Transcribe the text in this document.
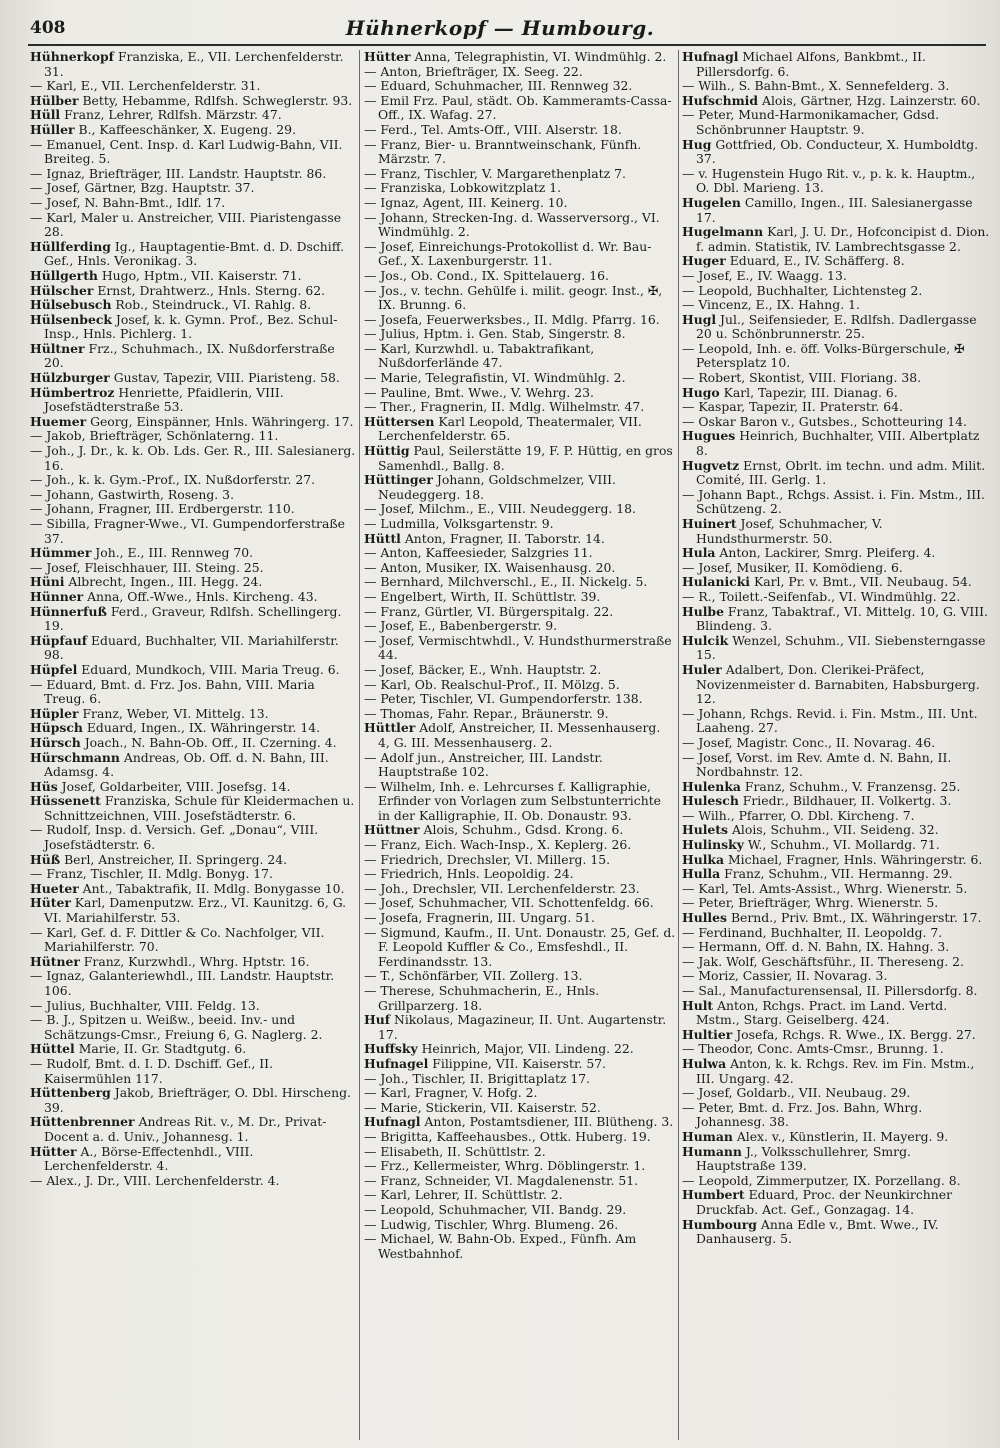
408	Hühnerkopf — Humbourg.

Hühnerkopf Franziska, E., VII. Lerchenfelderstr. 31.

— Karl, E., VII. Lerchenfelderstr. 31.

Hülber Betty, Hebamme, Rdlfsh. Schweglerstr. 93.

Hüll Franz, Lehrer, Rdlfsh. Märzstr. 47.

Hüller B., Kaffeeschänker, X. Eugeng. 29.

— Emanuel, Cent. Insp. d. Karl Ludwig-Bahn, VII. Breiteg. 5.

— Ignaz, Briefträger, III. Landstr. Hauptstr. 86.

— Josef, Gärtner, Bzg. Hauptstr. 37.

— Josef, N. Bahn-Bmt., Idlf. 17.

— Karl, Maler u. Anstreicher, VIII. Piaristengasse 28.

Hüllferding Ig., Hauptagentie-Bmt. d. D. Dschiff. Gef., Hnls. Veronikag. 3.

Hüllgerth Hugo, Hptm., VII. Kaiserstr. 71.

Hülscher Ernst, Drahtwerz., Hnls. Sterng. 62.

Hülsebusch Rob., Steindruck., VI. Rahlg. 8.

Hülsenbeck Josef, k. k. Gymn. Prof., Bez. Schul-Insp., Hnls. Pichlerg. 1.

Hültner Frz., Schuhmach., IX. Nußdorferstraße 20.

Hülzburger Gustav, Tapezir, VIII. Piaristeng. 58.

Hümbertroz Henriette, Pfaidlerin, VIII. Josefstädterstraße 53.

Huemer Georg, Einspänner, Hnls. Währingerg. 17.

— Jakob, Briefträger, Schönlaterng. 11.

— Joh., J. Dr., k. k. Ob. Lds. Ger. R., III. Salesianerg. 16.

— Joh., k. k. Gym.-Prof., IX. Nußdorferstr. 27.

— Johann, Gastwirth, Roseng. 3.

— Johann, Fragner, III. Erdbergerstr. 110.

— Sibilla, Fragner-Wwe., VI. Gumpendorferstraße 37.

Hümmer Joh., E., III. Rennweg 70.

— Josef, Fleischhauer, III. Steing. 25.

Hüni Albrecht, Ingen., III. Hegg. 24.

Hünner Anna, Off.-Wwe., Hnls. Kircheng. 43.

Hünnerfuß Ferd., Graveur, Rdlfsh. Schellingerg. 19.

Hüpfauf Eduard, Buchhalter, VII. Mariahilferstr. 98.

Hüpfel Eduard, Mundkoch, VIII. Maria Treug. 6.

— Eduard, Bmt. d. Frz. Jos. Bahn, VIII. Maria Treug. 6.

Hüpler Franz, Weber, VI. Mittelg. 13.

Hüpsch Eduard, Ingen., IX. Währingerstr. 14.

Hürsch Joach., N. Bahn-Ob. Off., II. Czerning. 4.

Hürschmann Andreas, Ob. Off. d. N. Bahn, III. Adamsg. 4.

Hüs Josef, Goldarbeiter, VIII. Josefsg. 14.

Hüssenett Franziska, Schule für Kleidermachen u. Schnittzeichnen, VIII. Josefstädterstr. 6.

— Rudolf, Insp. d. Versich. Gef. „Donau“, VIII. Josefstädterstr. 6.

Hüß Berl, Anstreicher, II. Springerg. 24.

— Franz, Tischler, II. Mdlg. Bonyg. 17.

Hueter Ant., Tabaktrafik, II. Mdlg. Bonygasse 10.

Hüter Karl, Damenputzw. Erz., VI. Kaunitzg. 6, G. VI. Mariahilferstr. 53.

— Karl, Gef. d. F. Dittler & Co. Nachfolger, VII. Mariahilferstr. 70.

Hütner Franz, Kurzwhdl., Whrg. Hptstr. 16.

— Ignaz, Galanteriewhdl., III. Landstr. Hauptstr. 106.

— Julius, Buchhalter, VIII. Feldg. 13.

— B. J., Spitzen u. Weißw., beeid. Inv.- und Schätzungs-Cmsr., Freiung 6, G. Naglerg. 2.

Hüttel Marie, II. Gr. Stadtgutg. 6.

— Rudolf, Bmt. d. I. D. Dschiff. Gef., II. Kaisermühlen 117.

Hüttenberg Jakob, Briefträger, O. Dbl. Hirscheng. 39.

Hüttenbrenner Andreas Rit. v., M. Dr., Privat-Docent a. d. Univ., Johannesg. 1.

Hütter A., Börse-Effectenhdl., VIII. Lerchenfelderstr. 4.

— Alex., J. Dr., VIII. Lerchenfelderstr. 4.

Hütter Anna, Telegraphistin, VI. Windmühlg. 2.

— Anton, Briefträger, IX. Seeg. 22.

— Eduard, Schuhmacher, III. Rennweg 32.

— Emil Frz. Paul, städt. Ob. Kammeramts-Cassa-Off., IX. Wafag. 27.

— Ferd., Tel. Amts-Off., VIII. Alserstr. 18.

— Franz, Bier- u. Branntweinschank, Fünfh. Märzstr. 7.

— Franz, Tischler, V. Margarethenplatz 7.

— Franziska, Lobkowitzplatz 1.

— Ignaz, Agent, III. Keinerg. 10.

— Johann, Strecken-Ing. d. Wasserversorg., VI. Windmühlg. 2.

— Josef, Einreichungs-Protokollist d. Wr. Bau-Gef., X. Laxenburgerstr. 11.

— Jos., Ob. Cond., IX. Spittelauerg. 16.

— Jos., v. techn. Gehülfe i. milit. geogr. Inst., ✠, IX. Brunng. 6.

— Josefa, Feuerwerksbes., II. Mdlg. Pfarrg. 16.

— Julius, Hptm. i. Gen. Stab, Singerstr. 8.

— Karl, Kurzwhdl. u. Tabaktrafikant, Nußdorferlände 47.

— Marie, Telegrafistin, VI. Windmühlg. 2.

— Pauline, Bmt. Wwe., V. Wehrg. 23.

— Ther., Fragnerin, II. Mdlg. Wilhelmstr. 47.

Hüttersen Karl Leopold, Theatermaler, VII. Lerchenfelderstr. 65.

Hüttig Paul, Seilerstätte 19, F. P. Hüttig, en gros Samenhdl., Ballg. 8.

Hüttinger Johann, Goldschmelzer, VIII. Neudeggerg. 18.

— Josef, Milchm., E., VIII. Neudeggerg. 18.

— Ludmilla, Volksgartenstr. 9.

Hüttl Anton, Fragner, II. Taborstr. 14.

— Anton, Kaffeesieder, Salzgries 11.

— Anton, Musiker, IX. Waisenhausg. 20.

— Bernhard, Milchverschl., E., II. Nickelg. 5.

— Engelbert, Wirth, II. Schüttlstr. 39.

— Franz, Gürtler, VI. Bürgerspitalg. 22.

— Josef, E., Babenbergerstr. 9.

— Josef, Vermischtwhdl., V. Hundsthurmerstraße 44.

— Josef, Bäcker, E., Wnh. Hauptstr. 2.

— Karl, Ob. Realschul-Prof., II. Mölzg. 5.

— Peter, Tischler, VI. Gumpendorferstr. 138.

— Thomas, Fahr. Repar., Bräunerstr. 9.

Hüttler Adolf, Anstreicher, II. Messenhauserg. 4, G. III. Messenhauserg. 2.

— Adolf jun., Anstreicher, III. Landstr. Hauptstraße 102.

— Wilhelm, Inh. e. Lehrcurses f. Kalligraphie, Erfinder von Vorlagen zum Selbstunterrichte in der Kalligraphie, II. Ob. Donaustr. 93.

Hüttner Alois, Schuhm., Gdsd. Krong. 6.

— Franz, Eich. Wach-Insp., X. Keplerg. 26.

— Friedrich, Drechsler, VI. Millerg. 15.

— Friedrich, Hnls. Leopoldig. 24.

— Joh., Drechsler, VII. Lerchenfelderstr. 23.

— Josef, Schuhmacher, VII. Schottenfeldg. 66.

— Josefa, Fragnerin, III. Ungarg. 51.

— Sigmund, Kaufm., II. Unt. Donaustr. 25, Gef. d. F. Leopold Kuffler & Co., Emsfeshdl., II. Ferdinandsstr. 13.

— T., Schönfärber, VII. Zollerg. 13.

— Therese, Schuhmacherin, E., Hnls. Grillparzerg. 18.

Huf Nikolaus, Magazineur, II. Unt. Augartenstr. 17.

Huffsky Heinrich, Major, VII. Lindeng. 22.

Hufnagel Filippine, VII. Kaiserstr. 57.

— Joh., Tischler, II. Brigittaplatz 17.

— Karl, Fragner, V. Hofg. 2.

— Marie, Stickerin, VII. Kaiserstr. 52.

Hufnagl Anton, Postamtsdiener, III. Blütheng. 3.

— Brigitta, Kaffeehausbes., Ottk. Huberg. 19.

— Elisabeth, II. Schüttlstr. 2.

— Frz., Kellermeister, Whrg. Döblingerstr. 1.

— Franz, Schneider, VI. Magdalenenstr. 51.

— Karl, Lehrer, II. Schüttlstr. 2.

— Leopold, Schuhmacher, VII. Bandg. 29.

— Ludwig, Tischler, Whrg. Blumeng. 26.

— Michael, W. Bahn-Ob. Exped., Fünfh. Am Westbahnhof.

Hufnagl Michael Alfons, Bankbmt., II. Pillersdorfg. 6.

— Wilh., S. Bahn-Bmt., X. Sennefelderg. 3.

Hufschmid Alois, Gärtner, Hzg. Lainzerstr. 60.

— Peter, Mund-Harmonikamacher, Gdsd. Schönbrunner Hauptstr. 9.

Hug Gottfried, Ob. Conducteur, X. Humboldtg. 37.

— v. Hugenstein Hugo Rit. v., p. k. k. Hauptm., O. Dbl. Marieng. 13.

Hugelen Camillo, Ingen., III. Salesianergasse 17.

Hugelmann Karl, J. U. Dr., Hofconcipist d. Dion. f. admin. Statistik, IV. Lambrechtsgasse 2.

Huger Eduard, E., IV. Schäfferg. 8.

— Josef, E., IV. Waagg. 13.

— Leopold, Buchhalter, Lichtensteg 2.

— Vincenz, E., IX. Hahng. 1.

Hugl Jul., Seifensieder, E. Rdlfsh. Dadlergasse 20 u. Schönbrunnerstr. 25.

— Leopold, Inh. e. öff. Volks-Bürgerschule, ✠ Petersplatz 10.

— Robert, Skontist, VIII. Floriang. 38.

Hugo Karl, Tapezir, III. Dianag. 6.

— Kaspar, Tapezir, II. Praterstr. 64.

— Oskar Baron v., Gutsbes., Schotteuring 14.

Hugues Heinrich, Buchhalter, VIII. Albertplatz 8.

Hugvetz Ernst, Obrlt. im techn. und adm. Milit. Comité, III. Gerlg. 1.

— Johann Bapt., Rchgs. Assist. i. Fin. Mstm., III. Schützeng. 2.

Huinert Josef, Schuhmacher, V. Hundsthurmerstr. 50.

Hula Anton, Lackirer, Smrg. Pleiferg. 4.

— Josef, Musiker, II. Komödieng. 6.

Hulanicki Karl, Pr. v. Bmt., VII. Neubaug. 54.

— R., Toilett.-Seifenfab., VI. Windmühlg. 22.

Hulbe Franz, Tabaktraf., VI. Mittelg. 10, G. VIII. Blindeng. 3.

Hulcik Wenzel, Schuhm., VII. Siebensterngasse 15.

Huler Adalbert, Don. Clerikei-Präfect, Novizenmeister d. Barnabiten, Habsburgerg. 12.

— Johann, Rchgs. Revid. i. Fin. Mstm., III. Unt. Laaheng. 27.

— Josef, Magistr. Conc., II. Novarag. 46.

— Josef, Vorst. im Rev. Amte d. N. Bahn, II. Nordbahnstr. 12.

Hulenka Franz, Schuhm., V. Franzensg. 25.

Hulesch Friedr., Bildhauer, II. Volkertg. 3.

— Wilh., Pfarrer, O. Dbl. Kircheng. 7.

Hulets Alois, Schuhm., VII. Seideng. 32.

Hulinsky W., Schuhm., VI. Mollardg. 71.

Hulka Michael, Fragner, Hnls. Währingerstr. 6.

Hulla Franz, Schuhm., VII. Hermanng. 29.

— Karl, Tel. Amts-Assist., Whrg. Wienerstr. 5.

— Peter, Briefträger, Whrg. Wienerstr. 5.

Hulles Bernd., Priv. Bmt., IX. Währingerstr. 17.

— Ferdinand, Buchhalter, II. Leopoldg. 7.

— Hermann, Off. d. N. Bahn, IX. Hahng. 3.

— Jak. Wolf, Geschäftsführ., II. Thereseng. 2.

— Moriz, Cassier, II. Novarag. 3.

— Sal., Manufacturensensal, II. Pillersdorfg. 8.

Hult Anton, Rchgs. Pract. im Land. Vertd. Mstm., Starg. Geiselberg. 424.

Hultier Josefa, Rchgs. R. Wwe., IX. Bergg. 27.

— Theodor, Conc. Amts-Cmsr., Brunng. 1.

Hulwa Anton, k. k. Rchgs. Rev. im Fin. Mstm., III. Ungarg. 42.

— Josef, Goldarb., VII. Neubaug. 29.

— Peter, Bmt. d. Frz. Jos. Bahn, Whrg. Johannesg. 38.

Human Alex. v., Künstlerin, II. Mayerg. 9.

Humann J., Volksschullehrer, Smrg. Hauptstraße 139.

— Leopold, Zimmerputzer, IX. Porzellang. 8.

Humbert Eduard, Proc. der Neunkirchner Druckfab. Act. Gef., Gonzagag. 14.

Humbourg Anna Edle v., Bmt. Wwe., IV. Danhauserg. 5.
